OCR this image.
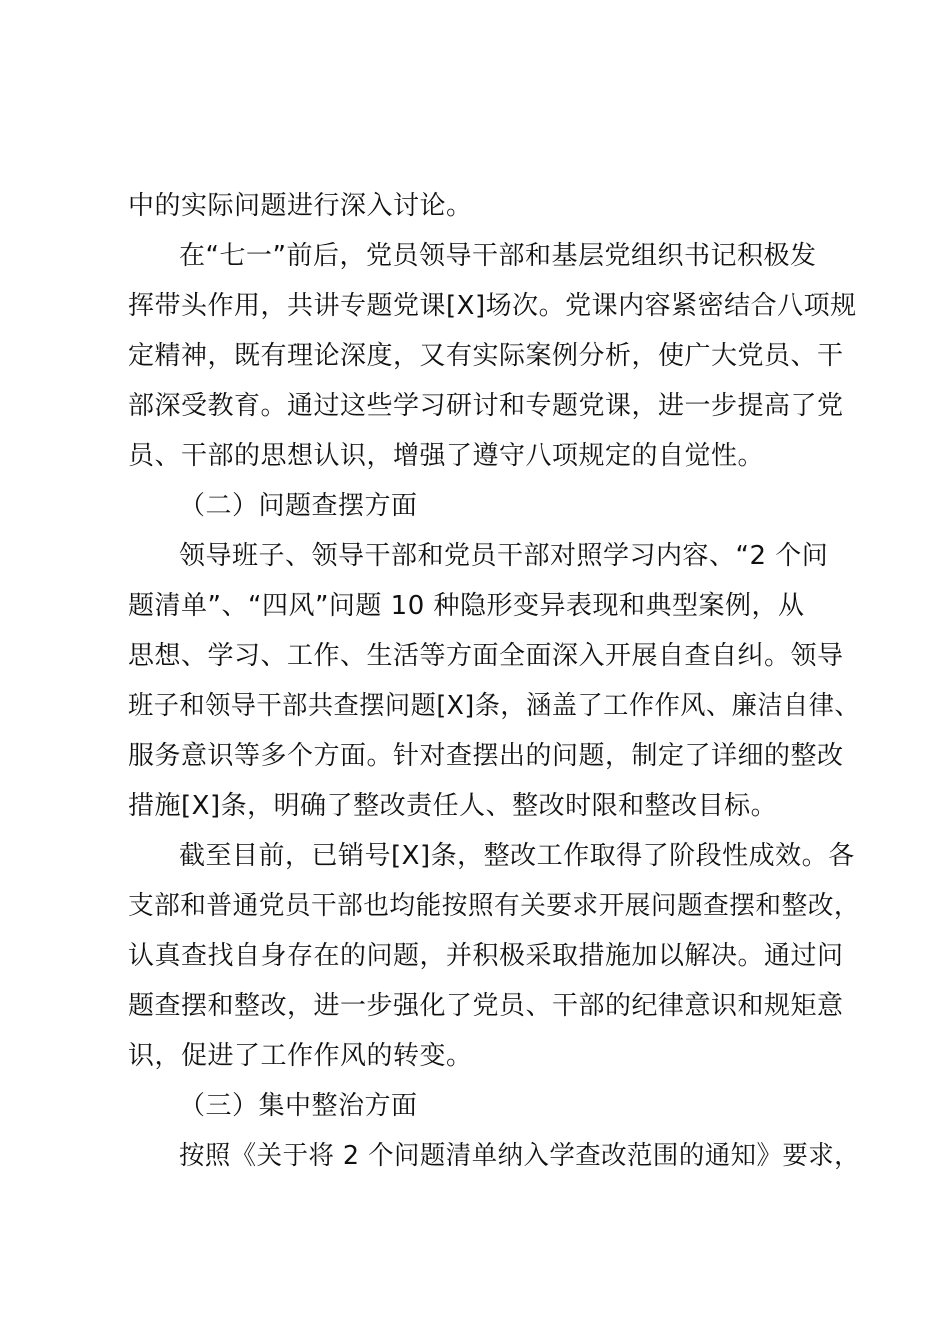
中的实际问题进行深入讨论。
在“七一”前后，党员领导干部和基层党组织书记积极发
挥带头作用，共讲专题党课[X]场次。党课内容紧密结合八项规
定精神，既有理论深度，又有实际案例分析，使广大党员、干
部深受教育。通过这些学习研讨和专题党课，进一步提高了党
员、干部的思想认识，增强了遵守八项规定的自觉性。
（二）问题查摆方面
领导班子、领导干部和党员干部对照学习内容、“2 个问
题清单”、“四风”问题 10 种隐形变异表现和典型案例，从
思想、学习、工作、生活等方面全面深入开展自查自纠。领导
班子和领导干部共查摆问题[X]条，涵盖了工作作风、廉洁自律、
服务意识等多个方面。针对查摆出的问题，制定了详细的整改
措施[X]条，明确了整改责任人、整改时限和整改目标。
截至目前，已销号[X]条，整改工作取得了阶段性成效。各
支部和普通党员干部也均能按照有关要求开展问题查摆和整改，
认真查找自身存在的问题，并积极采取措施加以解决。通过问
题查摆和整改，进一步强化了党员、干部的纪律意识和规矩意
识，促进了工作作风的转变。
（三）集中整治方面
按照《关于将 2 个问题清单纳入学查改范围的通知》要求，
